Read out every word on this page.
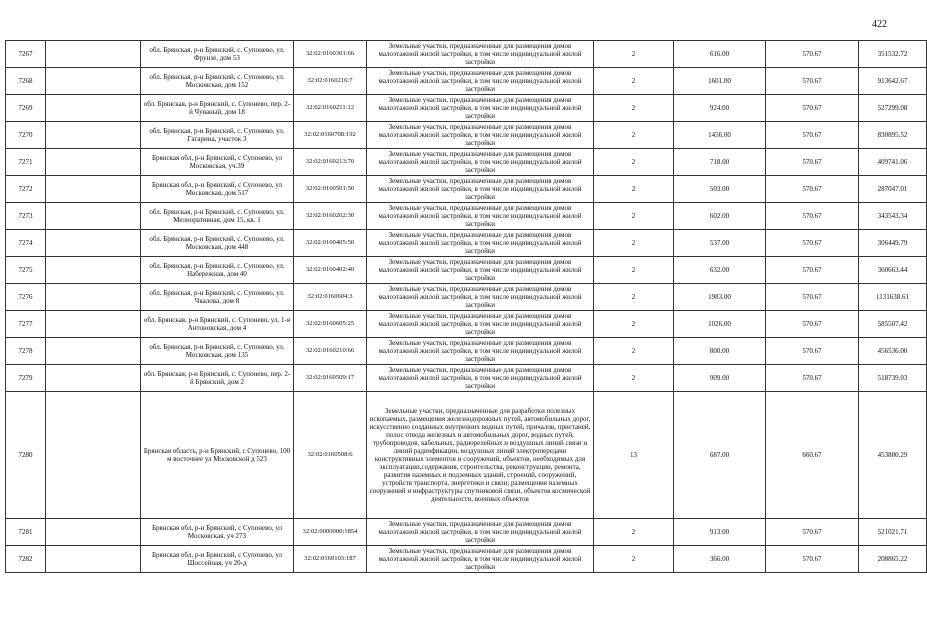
422
7267		обл. Брянская, р-н Брянский, с. Супонево, ул. Фрунзе, дом 53	32:02:0160301:66	Земельные участки, предназначенные для размещения домов малоэтажной жилой застройки, в том числе индивидуальной жилой застройки	2	616.00	570.67	351532.72
7268		обл. Брянская, р-н Брянский, с. Супонево, ул. Московская, дом 152	32:02:0160216:7	Земельные участки, предназначенные для размещения домов малоэтажной жилой застройки, в том числе индивидуальной жилой застройки	2	1601.00	570.67	913642.67
7269		обл. Брянская, р-н Брянский, с. Супонево, пер. 2-й Чуваный, дом 18	32:02:0160211:12	Земельные участки, предназначенные для размещения домов малоэтажной жилой застройки, в том числе индивидуальной жилой застройки	2	924.00	570.67	527299.08
7270		обл. Брянская, р-н Брянский, с. Супонево, ул. Гагарина, участок 3	32:02:0160708:192	Земельные участки, предназначенные для размещения домов малоэтажной жилой застройки, в том числе индивидуальной жилой застройки	2	1456.00	570.67	830895.52
7271		Брянская обл, р-н Брянский, с Супонево, ул Московская, уч.39	32:02:0160213:70	Земельные участки, предназначенные для размещения домов малоэтажной жилой застройки, в том числе индивидуальной жилой застройки	2	718.00	570.67	409741.06
7272		Брянская обл, р-н Брянский, с Супонево, ул Московская, дом 517	32:02:0160501:50	Земельные участки, предназначенные для размещения домов малоэтажной жилой застройки, в том числе индивидуальной жилой застройки	2	503.00	570.67	287047.01
7273		обл. Брянская, р-н Брянский, с. Супонево, ул. Мелиоративная, дом 15, кв. 1	32:02:0160202:30	Земельные участки, предназначенные для размещения домов малоэтажной жилой застройки, в том числе индивидуальной жилой застройки	2	602.00	570.67	343543.34
7274		обл. Брянская, р-н Брянский, с. Супонево, ул. Московская, дом 448	32:02:0160405:50	Земельные участки, предназначенные для размещения домов малоэтажной жилой застройки, в том числе индивидуальной жилой застройки	2	537.00	570.67	306449.79
7275		обл. Брянская, р-н Брянский, с. Супонево, ул. Набережная, дом 40	32:02:0160402:40	Земельные участки, предназначенные для размещения домов малоэтажной жилой застройки, в том числе индивидуальной жилой застройки	2	632.00	570.67	360663.44
7276		обл. Брянская, р-н Брянский, с. Супонево, ул. Чкалова, дом 8	32:02:0160604:3	Земельные участки, предназначенные для размещения домов малоэтажной жилой застройки, в том числе индивидуальной жилой застройки	2	1983.00	570.67	1131638.61
7277		обл. Брянская, р-н Брянский, с. Супонево, ул. 1-я Антоновская, дом 4	32:02:0160605:25	Земельные участки, предназначенные для размещения домов малоэтажной жилой застройки, в том числе индивидуальной жилой застройки	2	1026.00	570.67	585507.42
7278		обл. Брянская, р-н Брянский, с. Супонево, ул. Московская, дом 135	32:02:0160210:66	Земельные участки, предназначенные для размещения домов малоэтажной жилой застройки, в том числе индивидуальной жилой застройки	2	800.00	570.67	456536.00
7279		обл. Брянская, р-н Брянский, с. Супонево, пер. 2-й Брянский, дом 2	32:02:0160509:17	Земельные участки, предназначенные для размещения домов малоэтажной жилой застройки, в том числе индивидуальной жилой застройки	2	909.00	570.67	518739.03
7280		Брянская область, р-н Брянский, с Супонево, 100 м восточнее ул Московской д 523	32:02:0160508:6	Земельные участки, предназначенные для разработки полезных ископаемых, размещения железнодорожных путей, автомобильных дорог, искусственно созданных внутренних водных путей, причалов, пристаней, полос отвода железных и автомобильных дорог, водных путей, трубопроводов, кабельных, радиорелейных и воздушных линий связи и линий радиофикации, воздушных линий электропередачи конструктивных элементов и сооружений, объектов, необходимых для эксплуатации,содержания, строительства, реконструкции, ремонта, развития наземных и подземных зданий, строений, сооружений, устройств транспорта, энергетики и связи; размещения наземных сооружений и инфраструктуры спутниковой связи, объектов космической деятельности, военных объектов	13	687.00	660.67	453880.29
7281		Брянская обл, р-н Брянский, с Супонево, ул Московская, уч 273	32:02:0000000:1854	Земельные участки, предназначенные для размещения домов малоэтажной жилой застройки, в том числе индивидуальной жилой застройки	2	913.00	570.67	521021.71
7282		Брянская обл, р-н Брянский, с Супонево, ул Шоссейная, уч 20-д	32:02:0160103:187	Земельные участки, предназначенные для размещения домов малоэтажной жилой застройки, в том числе индивидуальной жилой застройки	2	366.00	570.67	208865.22
